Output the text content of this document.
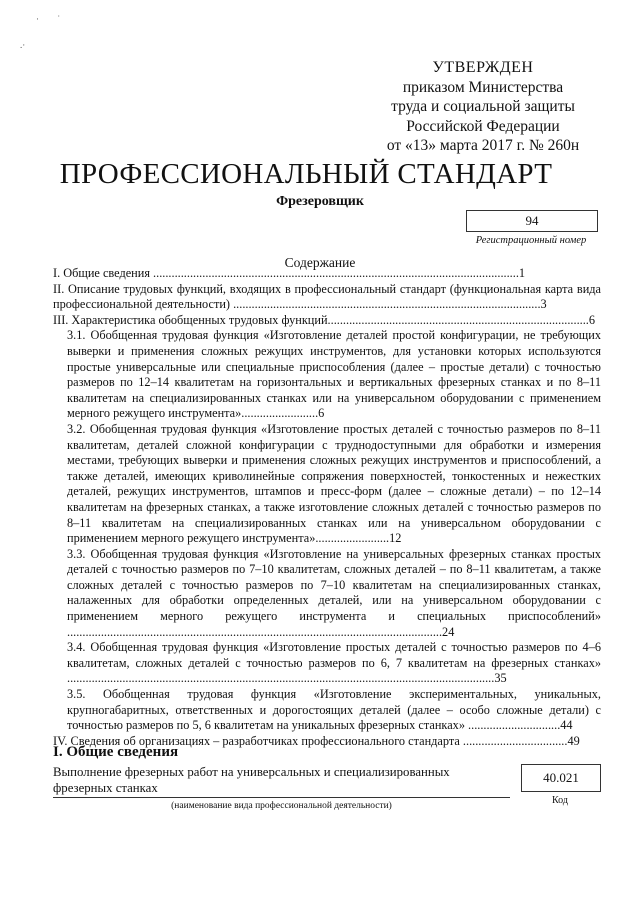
· ˙
.·
УТВЕРЖДЕН
приказом Министерства
труда и социальной защиты
Российской Федерации
от «13» марта 2017 г. № 260н
ПРОФЕССИОНАЛЬНЫЙ СТАНДАРТ
Фрезеровщик
94
Регистрационный номер
Содержание
I. Общие сведения .......................................................................................................................1
II. Описание трудовых функций, входящих в профессиональный стандарт (функциональная карта вида профессиональной деятельности) ....................................................................................................3
III. Характеристика обобщенных трудовых функций.....................................................................................6
3.1. Обобщенная трудовая функция «Изготовление деталей простой конфигурации, не требующих выверки и применения сложных режущих инструментов, для установки которых используются простые универсальные или специальные приспособления (далее – простые детали) с точностью размеров по 12–14 квалитетам на горизонтальных и вертикальных фрезерных станках и по 8–11 квалитетам на специализированных станках или на универсальном оборудовании с применением мерного режущего инструмента».........................6
3.2. Обобщенная трудовая функция «Изготовление простых деталей с точностью размеров по 8–11 квалитетам, деталей сложной конфигурации с труднодоступными для обработки и измерения местами, требующих выверки и применения сложных режущих инструментов и приспособлений, а также деталей, имеющих криволинейные сопряжения поверхностей, тонкостенных и нежестких деталей, режущих инструментов, штампов и пресс-форм (далее – сложные детали) – по 12–14 квалитетам на фрезерных станках, а также изготовление сложных деталей с точностью размеров по 8–11 квалитетам на специализированных станках или на универсальном оборудовании с применением мерного режущего инструмента»........................12
3.3. Обобщенная трудовая функция «Изготовление на универсальных фрезерных станках простых деталей с точностью размеров по 7–10 квалитетам, сложных деталей – по 8–11 квалитетам, а также сложных деталей с точностью размеров по 7–10 квалитетам на специализированных станках, налаженных для обработки определенных деталей, или на универсальном оборудовании с применением мерного режущего инструмента и специальных приспособлений» ..........................................................................................................................24
3.4. Обобщенная трудовая функция «Изготовление простых деталей с точностью размеров по 4–6 квалитетам, сложных деталей с точностью размеров по 6, 7 квалитетам на фрезерных станках» ...........................................................................................................................................35
3.5. Обобщенная трудовая функция «Изготовление экспериментальных, уникальных, крупногабаритных, ответственных и дорогостоящих деталей (далее – особо сложные детали) с точностью размеров по 5, 6 квалитетам на уникальных фрезерных станках» ..............................44
IV. Сведения об организациях – разработчиках профессионального стандарта ..................................49
I. Общие сведения
Выполнение фрезерных работ на универсальных и специализированных фрезерных станках
(наименование вида профессиональной деятельности)
40.021
Код
